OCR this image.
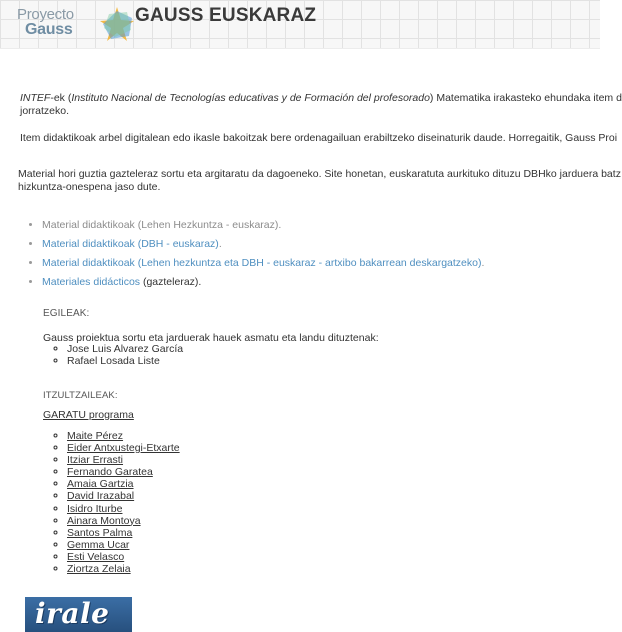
Proyecto
Gauss
GAUSS EUSKARAZ

INTEF-ek (Instituto Nacional de Tecnologías educativas y de Formación del profesorado) Matematika irakasteko ehundaka item d
jorratzeko.

Item didaktikoak arbel digitalean edo ikasle bakoitzak bere ordenagailuan erabiltzeko diseinaturik daude. Horregaitik, Gauss Proi

Material hori guztia gazteleraz sortu eta argitaratu da dagoeneko. Site honetan, euskaratuta aurkituko dituzu DBHko jarduera batz
hizkuntza-onespena jaso dute.

• Material didaktikoak (Lehen Hezkuntza - euskaraz).
• Material didaktikoak (DBH - euskaraz).
• Material didaktikoak (Lehen hezkuntza eta DBH - euskaraz - artxibo bakarrean deskargatzeko).
• Materiales didácticos (gazteleraz).
EGILEAK:
Gauss proiektua sortu eta jarduerak hauek asmatu eta landu dituztenak:
◦ Jose Luis Alvarez García
◦ Rafael Losada Liste
ITZULTZAILEAK:
GARATU programa
◦ Maite Pérez
◦ Eider Antxustegi-Etxarte
◦ Itziar Errasti
◦ Fernando Garatea
◦ Amaia Gartzia
◦ David Irazabal
◦ Isidro Iturbe
◦ Ainara Montoya
◦ Santos Palma
◦ Gemma Ucar
◦ Esti Velasco
◦ Ziortza Zelaia
irale
